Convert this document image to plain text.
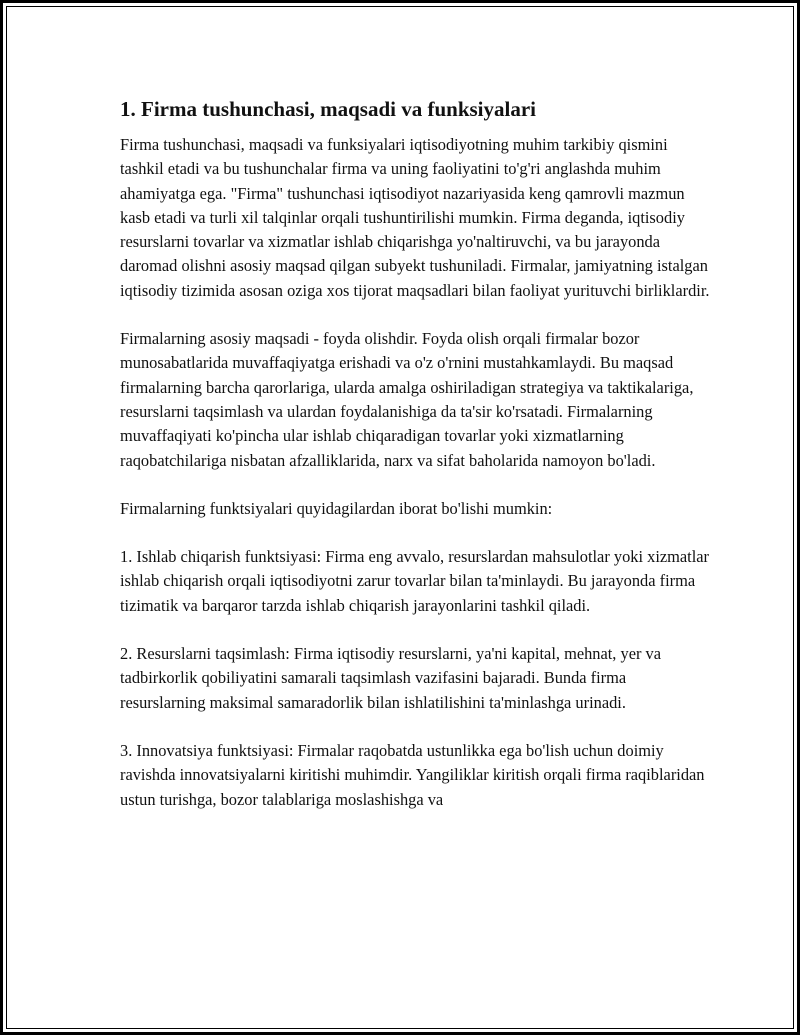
1. Firma tushunchasi, maqsadi va funksiyalari

Firma tushunchasi, maqsadi va funksiyalari iqtisodiyotning muhim tarkibiy qismini tashkil etadi va bu tushunchalar firma va uning faoliyatini to'g'ri anglashda muhim ahamiyatga ega. "Firma" tushunchasi iqtisodiyot nazariyasida keng qamrovli mazmun kasb etadi va turli xil talqinlar orqali tushuntirilishi mumkin. Firma deganda, iqtisodiy resurslarni tovarlar va xizmatlar ishlab chiqarishga yo'naltiruvchi, va bu jarayonda daromad olishni asosiy maqsad qilgan subyekt tushuniladi. Firmalar, jamiyatning istalgan iqtisodiy tizimida asosan oziga xos tijorat maqsadlari bilan faoliyat yurituvchi birliklardir.

Firmalarning asosiy maqsadi - foyda olishdir. Foyda olish orqali firmalar bozor munosabatlarida muvaffaqiyatga erishadi va o'z o'rnini mustahkamlaydi. Bu maqsad firmalarning barcha qarorlariga, ularda amalga oshiriladigan strategiya va taktikalariga, resurslarni taqsimlash va ulardan foydalanishiga da ta'sir ko'rsatadi. Firmalarning muvaffaqiyati ko'pincha ular ishlab chiqaradigan tovarlar yoki xizmatlarning raqobatchilariga nisbatan afzalliklarida, narx va sifat baholarida namoyon bo'ladi.

Firmalarning funktsiyalari quyidagilardan iborat bo'lishi mumkin:

1. Ishlab chiqarish funktsiyasi: Firma eng avvalo, resurslardan mahsulotlar yoki xizmatlar ishlab chiqarish orqali iqtisodiyotni zarur tovarlar bilan ta'minlaydi. Bu jarayonda firma tizimatik va barqaror tarzda ishlab chiqarish jarayonlarini tashkil qiladi.

2. Resurslarni taqsimlash: Firma iqtisodiy resurslarni, ya'ni kapital, mehnat, yer va tadbirkorlik qobiliyatini samarali taqsimlash vazifasini bajaradi. Bunda firma resurslarning maksimal samaradorlik bilan ishlatilishini ta'minlashga urinadi.

3. Innovatsiya funktsiyasi: Firmalar raqobatda ustunlikka ega bo'lish uchun doimiy ravishda innovatsiyalarni kiritishi muhimdir. Yangiliklar kiritish orqali firma raqiblaridan ustun turishga, bozor talablariga moslashishga va
